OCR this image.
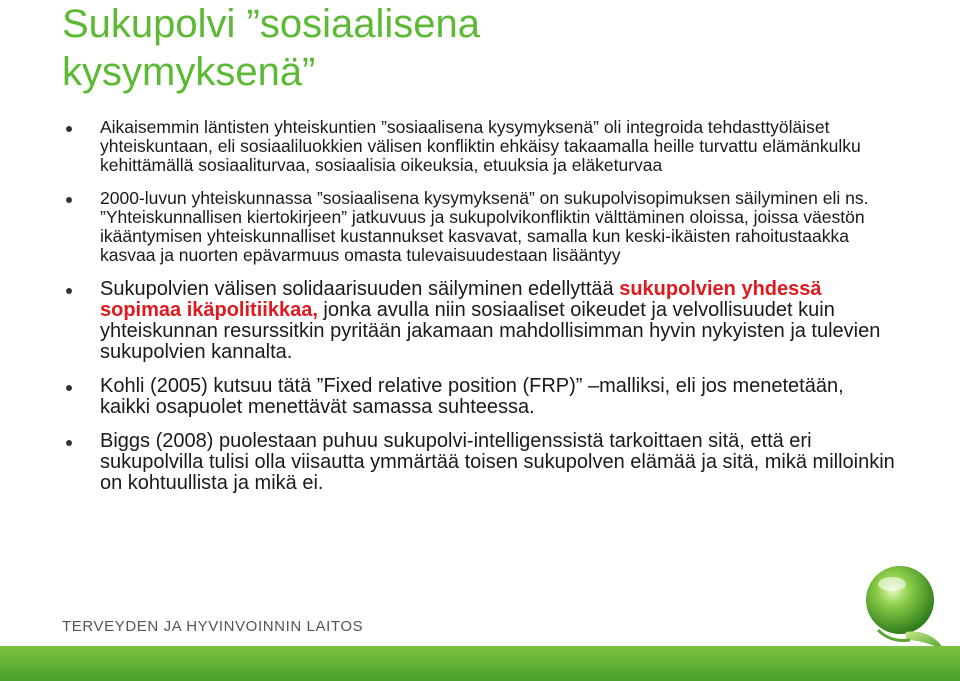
Sukupolvi ”sosiaalisena
kysymyksenä”
Aikaisemmin läntisten yhteiskuntien ”sosiaalisena kysymyksenä” oli integroida tehdasttyöläiset yhteiskuntaan, eli sosiaaliluokkien välisen konfliktin ehkäisy takaamalla heille turvattu elämänkulku kehittämällä sosiaaliturvaa, sosiaalisia oikeuksia, etuuksia ja eläketurvaa
2000-luvun yhteiskunnassa ”sosiaalisena kysymyksenä” on sukupolvisopimuksen säilyminen eli ns. ”Yhteiskunnallisen kiertokirjeen” jatkuvuus ja sukupolvikonfliktin välttäminen oloissa, joissa väestön ikääntymisen yhteiskunnalliset kustannukset kasvavat, samalla kun keski-ikäisten rahoitustaakka kasvaa ja nuorten epävarmuus omasta tulevaisuudestaan lisääntyy
Sukupolvien välisen solidaarisuuden säilyminen edellyttää sukupolvien yhdessä sopimaa ikäpolitiikkaa, jonka avulla niin sosiaaliset oikeudet ja velvollisuudet kuin yhteiskunnan resurssitkin pyritään jakamaan mahdollisimman hyvin nykyisten ja tulevien sukupolvien kannalta.
Kohli (2005) kutsuu tätä ”Fixed relative position (FRP)” –malliksi, eli jos menetetään, kaikki osapuolet menettävät samassa suhteessa.
Biggs (2008) puolestaan puhuu sukupolvi-intelligenssistä tarkoittaen sitä, että eri sukupolvilla tulisi olla viisautta ymmärtää toisen sukupolven elämää ja sitä, mikä milloinkin on kohtuullista ja mikä ei.
TERVEYDEN JA HYVINVOINNIN LAITOS
